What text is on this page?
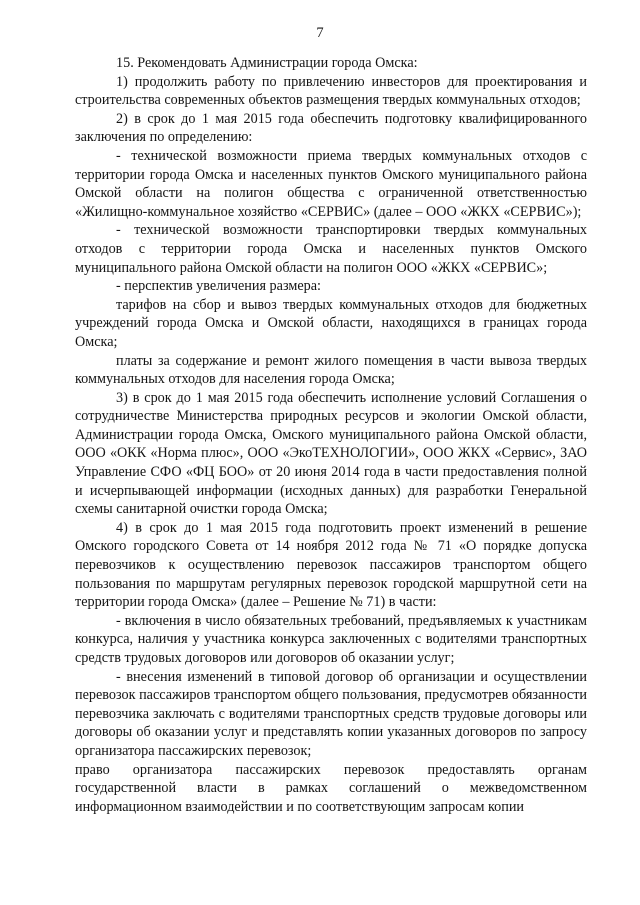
7

15. Рекомендовать Администрации города Омска:

1) продолжить работу по привлечению инвесторов для проектирования и строительства современных объектов размещения твердых коммунальных отходов;

2) в срок до 1 мая 2015 года обеспечить подготовку квалифицированного заключения по определению:

- технической возможности приема твердых коммунальных отходов с территории города Омска и населенных пунктов Омского муниципального района Омской области на полигон общества с ограниченной ответственностью «Жилищно-коммунальное хозяйство «СЕРВИС» (далее – ООО «ЖКХ «СЕРВИС»);

- технической возможности транспортировки твердых коммунальных отходов с территории города Омска и населенных пунктов Омского муниципального района Омской области на полигон ООО «ЖКХ «СЕРВИС»;

- перспектив увеличения размера:

тарифов на сбор и вывоз твердых коммунальных отходов для бюджетных учреждений города Омска и Омской области, находящихся в границах города Омска;

платы за содержание и ремонт жилого помещения в части вывоза твердых коммунальных отходов для населения города Омска;

3) в срок до 1 мая 2015 года обеспечить исполнение условий Соглашения о сотрудничестве Министерства природных ресурсов и экологии Омской области, Администрации города Омска, Омского муниципального района Омской области, ООО «ОКК «Норма плюс», ООО «ЭкоТЕХНОЛОГИИ», ООО ЖКХ «Сервис», ЗАО Управление СФО «ФЦ БОО» от 20 июня 2014 года в части предоставления полной и исчерпывающей информации (исходных данных) для разработки Генеральной схемы санитарной очистки города Омска;

4) в срок до 1 мая 2015 года подготовить проект изменений в решение Омского городского Совета от 14 ноября 2012 года № 71 «О порядке допуска перевозчиков к осуществлению перевозок пассажиров транспортом общего пользования по маршрутам регулярных перевозок городской маршрутной сети на территории города Омска» (далее – Решение № 71) в части:

- включения в число обязательных требований, предъявляемых к участникам конкурса, наличия у участника конкурса заключенных с водителями транспортных средств трудовых договоров или договоров об оказании услуг;

- внесения изменений в типовой договор об организации и осуществлении перевозок пассажиров транспортом общего пользования, предусмотрев обязанности перевозчика заключать с водителями транспортных средств трудовые договоры или договоры об оказании услуг и представлять копии указанных договоров по запросу организатора пассажирских перевозок;

право организатора пассажирских перевозок предоставлять органам государственной власти в рамках соглашений о межведомственном информационном взаимодействии и по соответствующим запросам копии
